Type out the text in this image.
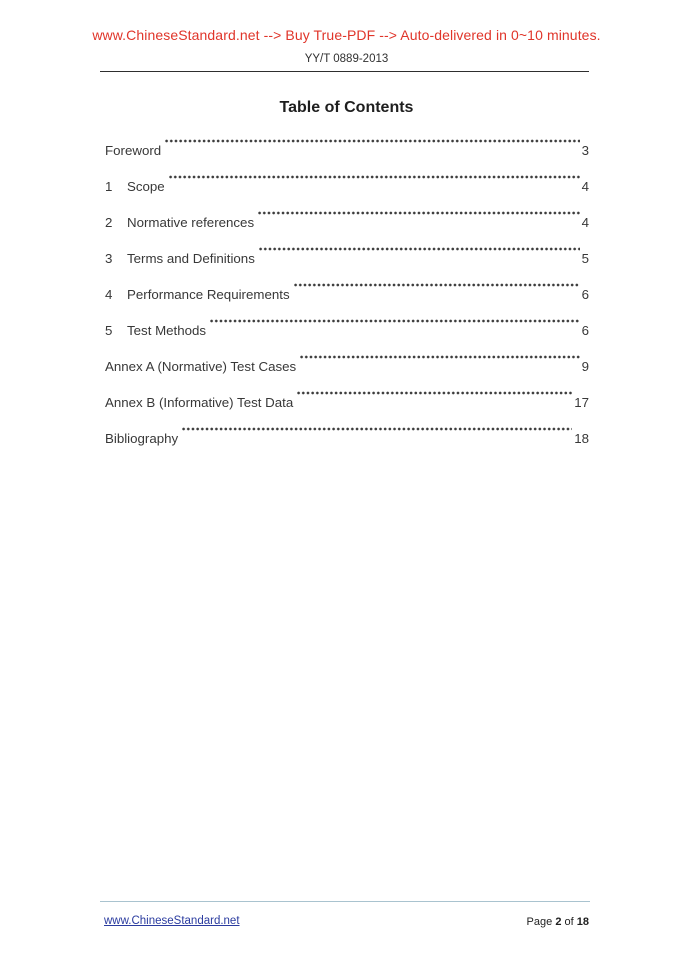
www.ChineseStandard.net --> Buy True-PDF --> Auto-delivered in 0~10 minutes.
YY/T 0889-2013
Table of Contents
Foreword	3
1	Scope	4
2	Normative references	4
3	Terms and Definitions	5
4	Performance Requirements	6
5	Test Methods	6
Annex A (Normative) Test Cases	9
Annex B (Informative) Test Data	17
Bibliography	18
www.ChineseStandard.net	Page 2 of 18
